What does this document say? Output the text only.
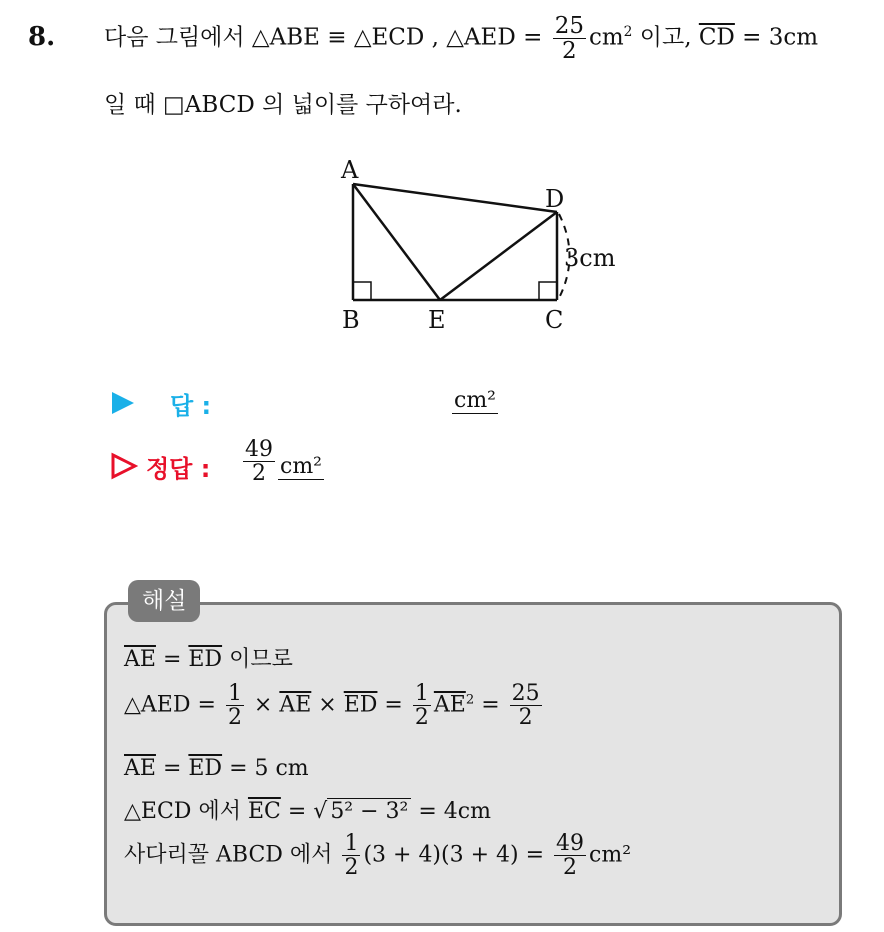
8. 다음 그림에서 △ABE ≡ △ECD , △AED = $\frac{25}{2} cm^2$ 이고, $\overline{CD} = 3cm$
일 때 □ABCD 의 넓이를 구하여라.
A
B	E	C
D
3cm
답 :	cm²
정답 : $\frac{49}{2} cm^2$
해설
$\overline{AE} = \overline{ED}$ 이므로
△AED = $\frac{1}{2} \times \overline{AE} \times \overline{ED} = \frac{1}{2} \overline{AE}^2 = \frac{25}{2}$
$\overline{AE} = \overline{ED} = 5$ cm
△ECD 에서 $\overline{EC}$ = √ 5² − 3² = 4cm
사다리꼴 ABCD 에서 $\frac{1}{2} (3 + 4)(3 + 4) = \frac{49}{2} cm^2$
